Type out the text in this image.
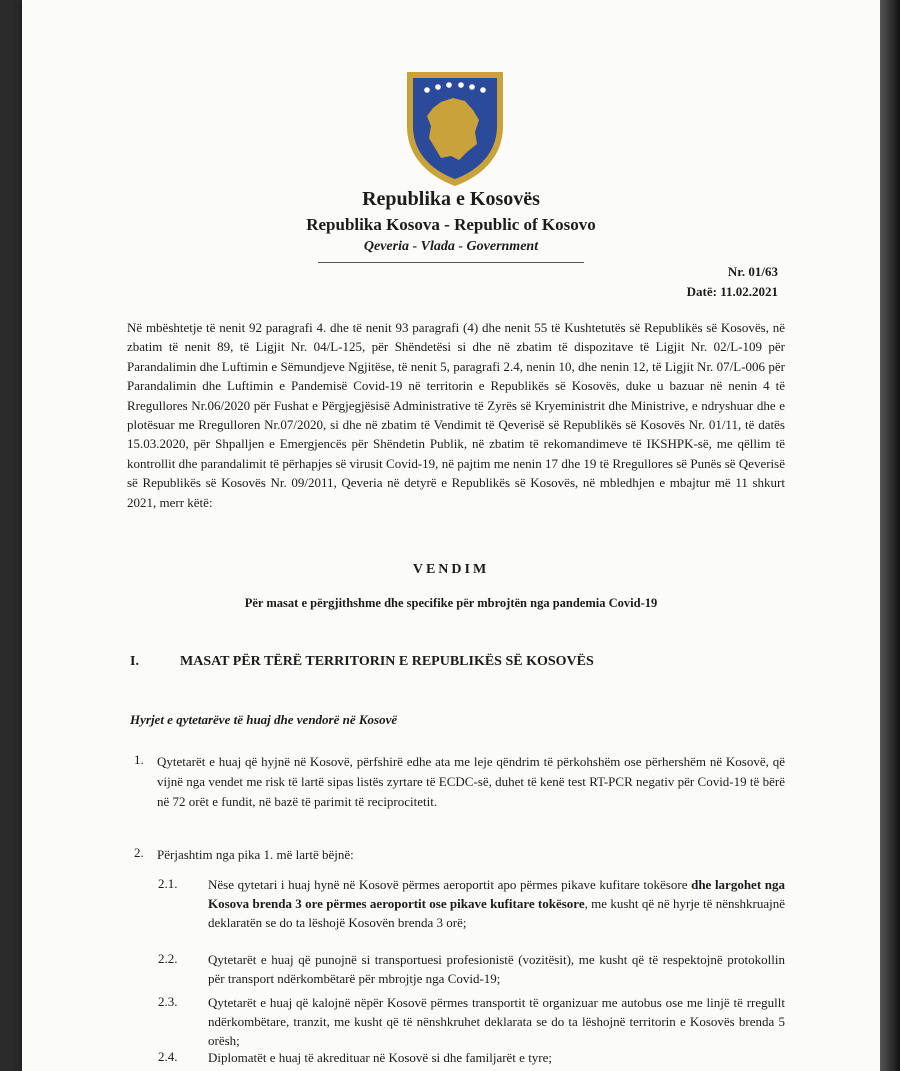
Republika e Kosovës
Republika Kosova - Republic of Kosovo
Qeveria - Vlada - Government
Nr. 01/63
Datë: 11.02.2021
Në mbështetje të nenit 92 paragrafi 4. dhe të nenit 93 paragrafi (4) dhe nenit 55 të Kushtetutës së Republikës së Kosovës, në zbatim të nenit 89, të Ligjit Nr. 04/L-125, për Shëndetësi si dhe në zbatim të dispozitave të Ligjit Nr. 02/L-109 për Parandalimin dhe Luftimin e Sëmundjeve Ngjitëse, të nenit 5, paragrafi 2.4, nenin 10, dhe nenin 12, të Ligjit Nr. 07/L-006 për Parandalimin dhe Luftimin e Pandemisë Covid-19 në territorin e Republikës së Kosovës, duke u bazuar në nenin 4 të Rregullores Nr.06/2020 për Fushat e Përgjegjësisë Administrative të Zyrës së Kryeministrit dhe Ministrive, e ndryshuar dhe e plotësuar me Rregulloren Nr.07/2020, si dhe në zbatim të Vendimit të Qeverisë së Republikës së Kosovës Nr. 01/11, të datës 15.03.2020, për Shpalljen e Emergjencës për Shëndetin Publik, në zbatim të rekomandimeve të IKSHPK-së, me qëllim të kontrollit dhe parandalimit të përhapjes së virusit Covid-19, në pajtim me nenin 17 dhe 19 të Rregullores së Punës së Qeverisë së Republikës së Kosovës Nr. 09/2011, Qeveria në detyrë e Republikës së Kosovës, në mbledhjen e mbajtur më 11 shkurt 2021, merr këtë:
VENDIM
Për masat e përgjithshme dhe specifike për mbrojtën nga pandemia Covid-19
I.	MASAT PËR TËRË TERRITORIN E REPUBLIKËS SË KOSOVËS
Hyrjet e qytetarëve të huaj dhe vendorë në Kosovë
1. Qytetarët e huaj që hyjnë në Kosovë, përfshirë edhe ata me leje qëndrim të përkohshëm ose përhershëm në Kosovë, që vijnë nga vendet me risk të lartë sipas listës zyrtare të ECDC-së, duhet të kenë test RT-PCR negativ për Covid-19 të bërë në 72 orët e fundit, në bazë të parimit të reciprocitetit.
2. Përjashtim nga pika 1. më lartë bëjnë:
2.1. Nëse qytetari i huaj hynë në Kosovë përmes aeroportit apo përmes pikave kufitare tokësore dhe largohet nga Kosova brenda 3 ore përmes aeroportit ose pikave kufitare tokësore, me kusht që në hyrje të nënshkruajnë deklaratën se do ta lëshojë Kosovën brenda 3 orë;
2.2. Qytetarët e huaj që punojnë si transportuesi profesionistë (vozitësit), me kusht që të respektojnë protokollin për transport ndërkombëtarë për mbrojtje nga Covid-19;
2.3. Qytetarët e huaj që kalojnë nëpër Kosovë përmes transportit të organizuar me autobus ose me linjë të rregullt ndërkombëtare, tranzit, me kusht që të nënshkruhet deklarata se do ta lëshojnë territorin e Kosovës brenda 5 orësh;
2.4. Diplomatët e huaj të akredituar në Kosovë si dhe familjarët e tyre;
